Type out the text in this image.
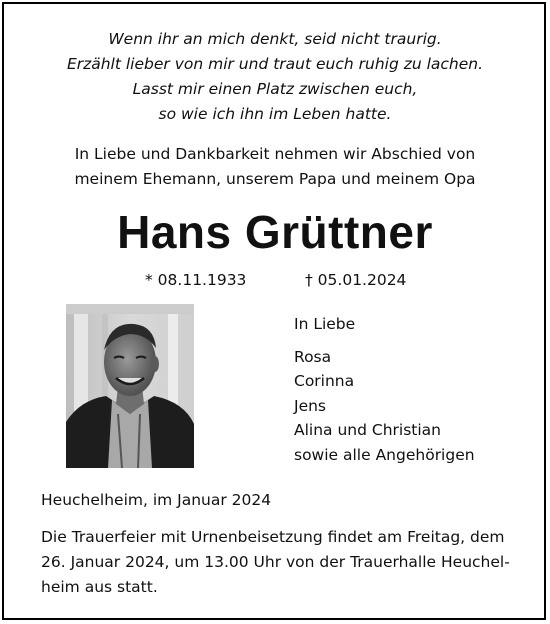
Wenn ihr an mich denkt, seid nicht traurig.
Erzählt lieber von mir und traut euch ruhig zu lachen.
Lasst mir einen Platz zwischen euch,
so wie ich ihn im Leben hatte.
In Liebe und Dankbarkeit nehmen wir Abschied von
meinem Ehemann, unserem Papa und meinem Opa
Hans Grüttner
* 08.11.1933	† 05.01.2024
In Liebe
Rosa
Corinna
Jens
Alina und Christian
sowie alle Angehörigen
Heuchelheim, im Januar 2024
Die Trauerfeier mit Urnenbeisetzung findet am Freitag, dem
26. Januar 2024, um 13.00 Uhr von der Trauerhalle Heuchel-
heim aus statt.
